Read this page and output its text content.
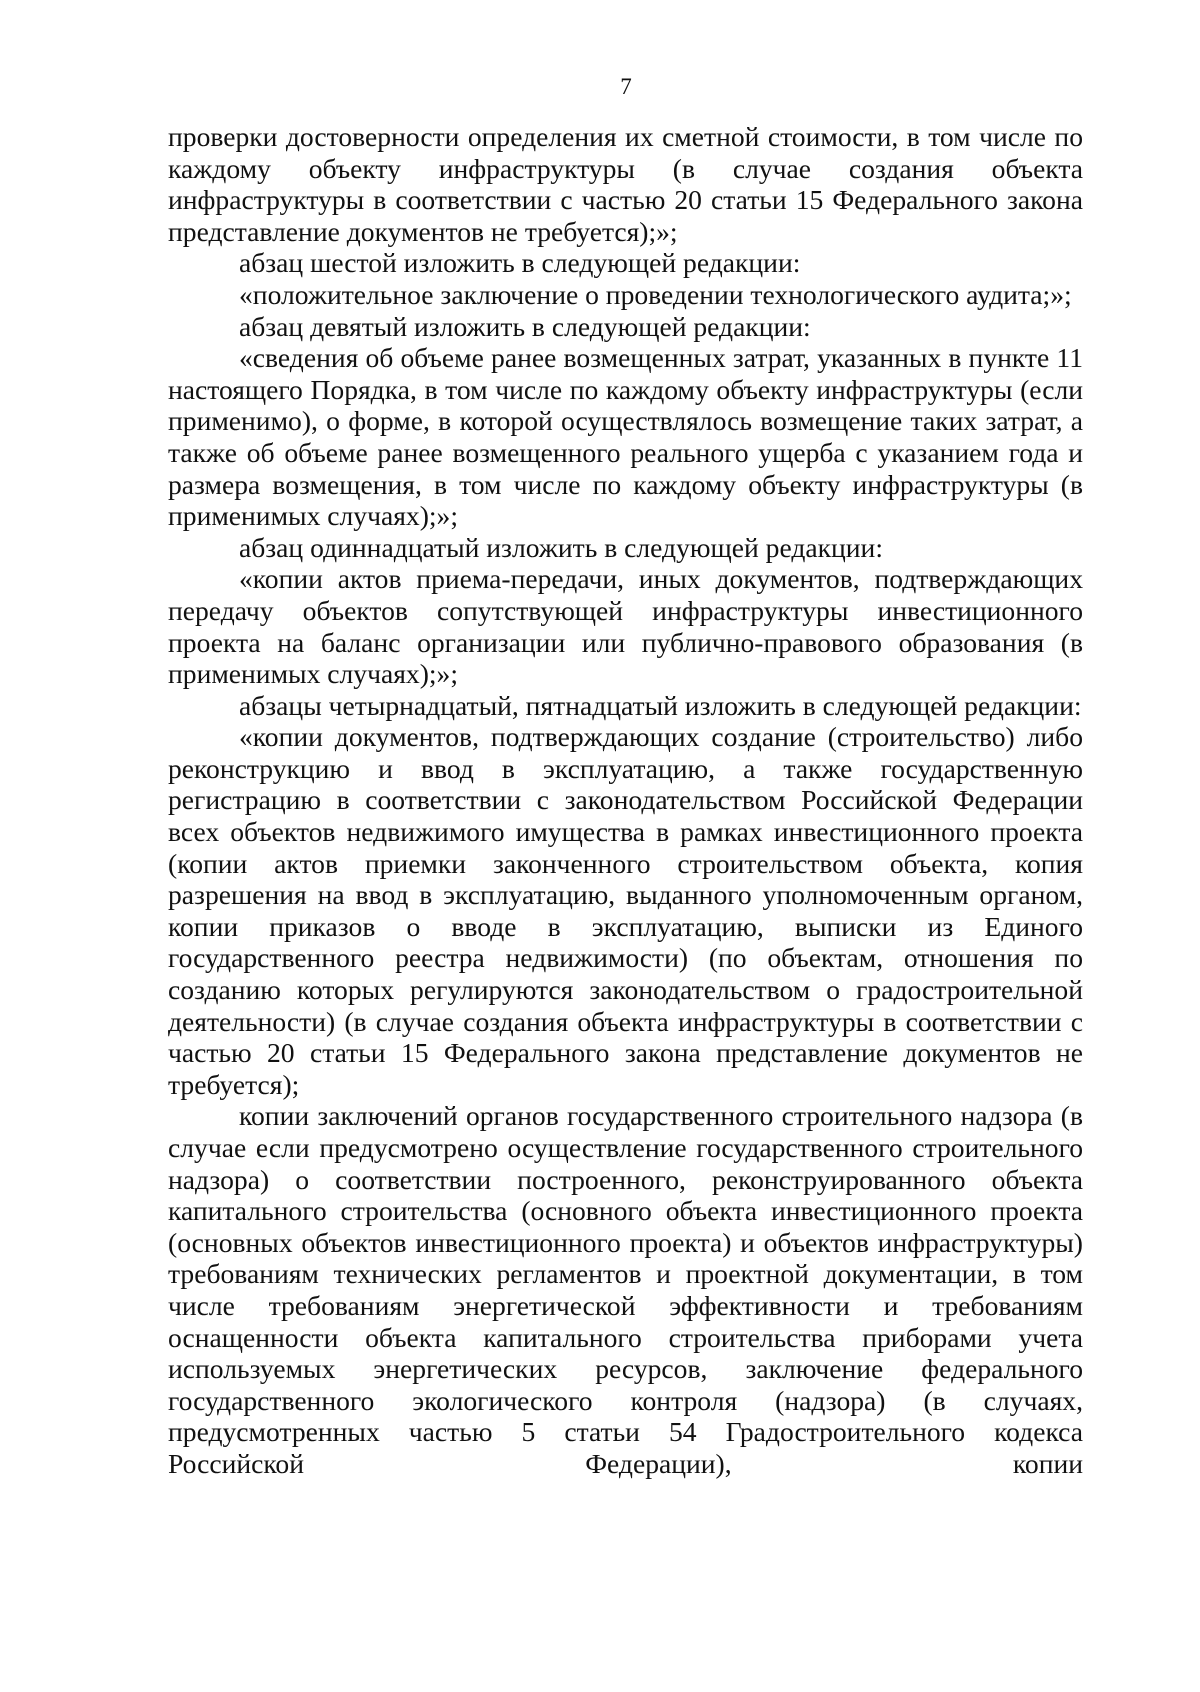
7

проверки достоверности определения их сметной стоимости, в том числе по каждому объекту инфраструктуры (в случае создания объекта инфраструктуры в соответствии с частью 20 статьи 15 Федерального закона представление документов не требуется);»;

абзац шестой изложить в следующей редакции:

«положительное заключение о проведении технологического аудита;»;

абзац девятый изложить в следующей редакции:

«сведения об объеме ранее возмещенных затрат, указанных в пункте 11 настоящего Порядка, в том числе по каждому объекту инфраструктуры (если применимо), о форме, в которой осуществлялось возмещение таких затрат, а также об объеме ранее возмещенного реального ущерба с указанием года и размера возмещения, в том числе по каждому объекту инфраструктуры (в применимых случаях);»;

абзац одиннадцатый изложить в следующей редакции:

«копии актов приема-передачи, иных документов, подтверждающих передачу объектов сопутствующей инфраструктуры инвестиционного проекта на баланс организации или публично-правового образования (в применимых случаях);»;

абзацы четырнадцатый, пятнадцатый изложить в следующей редакции:

«копии документов, подтверждающих создание (строительство) либо реконструкцию и ввод в эксплуатацию, а также государственную регистрацию в соответствии с законодательством Российской Федерации всех объектов недвижимого имущества в рамках инвестиционного проекта (копии актов приемки законченного строительством объекта, копия разрешения на ввод в эксплуатацию, выданного уполномоченным органом, копии приказов о вводе в эксплуатацию, выписки из Единого государственного реестра недвижимости) (по объектам, отношения по созданию которых регулируются законодательством о градостроительной деятельности) (в случае создания объекта инфраструктуры в соответствии с частью 20 статьи 15 Федерального закона представление документов не требуется);

копии заключений органов государственного строительного надзора (в случае если предусмотрено осуществление государственного строительного надзора) о соответствии построенного, реконструированного объекта капитального строительства (основного объекта инвестиционного проекта (основных объектов инвестиционного проекта) и объектов инфраструктуры) требованиям технических регламентов и проектной документации, в том числе требованиям энергетической эффективности и требованиям оснащенности объекта капитального строительства приборами учета используемых энергетических ресурсов, заключение федерального государственного экологического контроля (надзора) (в случаях, предусмотренных частью 5 статьи 54 Градостроительного кодекса Российской Федерации), копии
